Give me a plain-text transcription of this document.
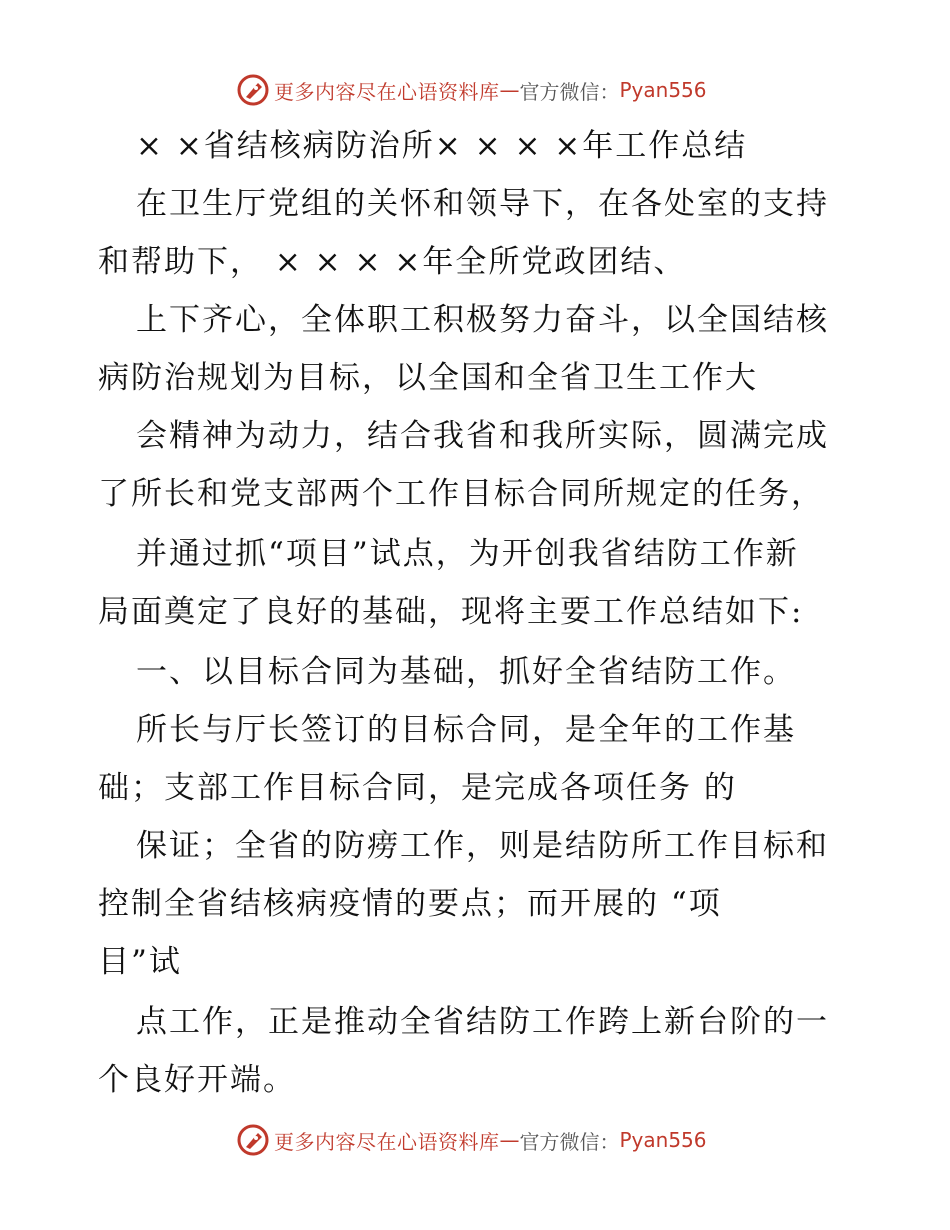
更多内容尽在心语资料库 — 官方微信： Pyan556
× ×省结核病防治所× × × ×年工作总结
在卫生厅党组的关怀和领导下，在各处室的支持
和帮助下， × × × ×年全所党政团结、
上下齐心，全体职工积极努力奋斗，以全国结核
病防治规划为目标，以全国和全省卫生工作大
会精神为动力，结合我省和我所实际，圆满完成
了所长和党支部两个工作目标合同所规定的任务，
并通过抓“项目”试点，为开创我省结防工作新
局面奠定了良好的基础，现将主要工作总结如下:
一、以目标合同为基础，抓好全省结防工作。
所长与厅长签订的目标合同，是全年的工作基
础；支部工作目标合同，是完成各项任务 的
保证；全省的防痨工作，则是结防所工作目标和
控制全省结核病疫情的要点；而开展的 “项
目”试
点工作，正是推动全省结防工作跨上新台阶的一
个良好开端。
更多内容尽在心语资料库 — 官方微信： Pyan556
